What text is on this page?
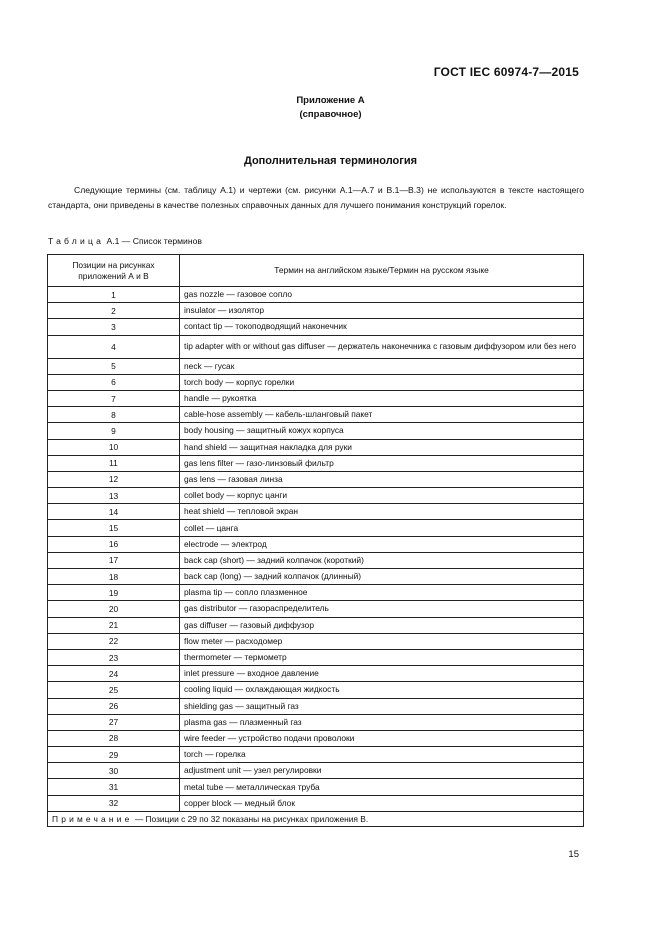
ГОСТ IEC 60974-7—2015
Приложение А
(справочное)
Дополнительная терминология
Следующие термины (см. таблицу А.1) и чертежи (см. рисунки А.1—А.7 и В.1—В.3) не используются в тексте настоящего стандарта, они приведены в качестве полезных справочных данных для лучшего понимания конструкций горелок.
Таблица А.1 — Список терминов
Позиции на рисунках приложений А и В	Термин на английском языке/Термин на русском языке
1	gas nozzle — газовое сопло
2	insulator — изолятор
3	contact tip — токоподводящий наконечник
4	tip adapter with or without gas diffuser — держатель наконечника с газовым диффузором или без него
5	neck — гусак
6	torch body — корпус горелки
7	handle — рукоятка
8	cable-hose assembly — кабель-шланговый пакет
9	body housing — защитный кожух корпуса
10	hand shield — защитная накладка для руки
11	gas lens filter — газо-линзовый фильтр
12	gas lens — газовая линза
13	collet body — корпус цанги
14	heat shield — тепловой экран
15	collet — цанга
16	electrode — электрод
17	back cap (short) — задний колпачок (короткий)
18	back cap (long) — задний колпачок (длинный)
19	plasma tip — сопло плазменное
20	gas distributor — газораспределитель
21	gas diffuser — газовый диффузор
22	flow meter — расходомер
23	thermometer — термометр
24	inlet pressure — входное давление
25	cooling liquid — охлаждающая жидкость
26	shielding gas — защитный газ
27	plasma gas — плазменный газ
28	wire feeder — устройство подачи проволоки
29	torch — горелка
30	adjustment unit — узел регулировки
31	metal tube — металлическая труба
32	copper block — медный блок
Примечание — Позиции с 29 по 32 показаны на рисунках приложения В.	
15
